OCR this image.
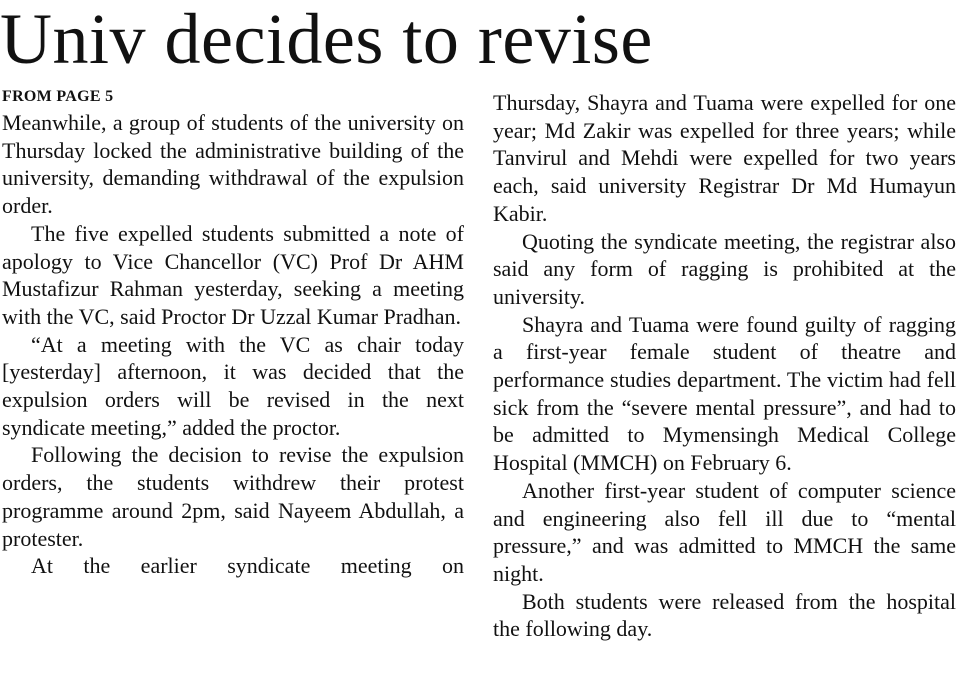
Univ decides to revise
FROM PAGE 5

Meanwhile, a group of students of the university on Thursday locked the administrative building of the university, demanding withdrawal of the expulsion order.

The five expelled students submitted a note of apology to Vice Chancellor (VC) Prof Dr AHM Mustafizur Rahman yesterday, seeking a meeting with the VC, said Proctor Dr Uzzal Kumar Pradhan.

“At a meeting with the VC as chair today [yesterday] afternoon, it was decided that the expulsion orders will be revised in the next syndicate meeting,” added the proctor.

Following the decision to revise the expulsion orders, the students withdrew their protest programme around 2pm, said Nayeem Abdullah, a protester.

At the earlier syndicate meeting on

Thursday, Shayra and Tuama were expelled for one year; Md Zakir was expelled for three years; while Tanvirul and Mehdi were expelled for two years each, said university Registrar Dr Md Humayun Kabir.

Quoting the syndicate meeting, the registrar also said any form of ragging is prohibited at the university.

Shayra and Tuama were found guilty of ragging a first-year female student of theatre and performance studies department. The victim had fell sick from the “severe mental pressure”, and had to be admitted to Mymensingh Medical College Hospital (MMCH) on February 6.

Another first-year student of computer science and engineering also fell ill due to “mental pressure,” and was admitted to MMCH the same night.

Both students were released from the hospital the following day.
